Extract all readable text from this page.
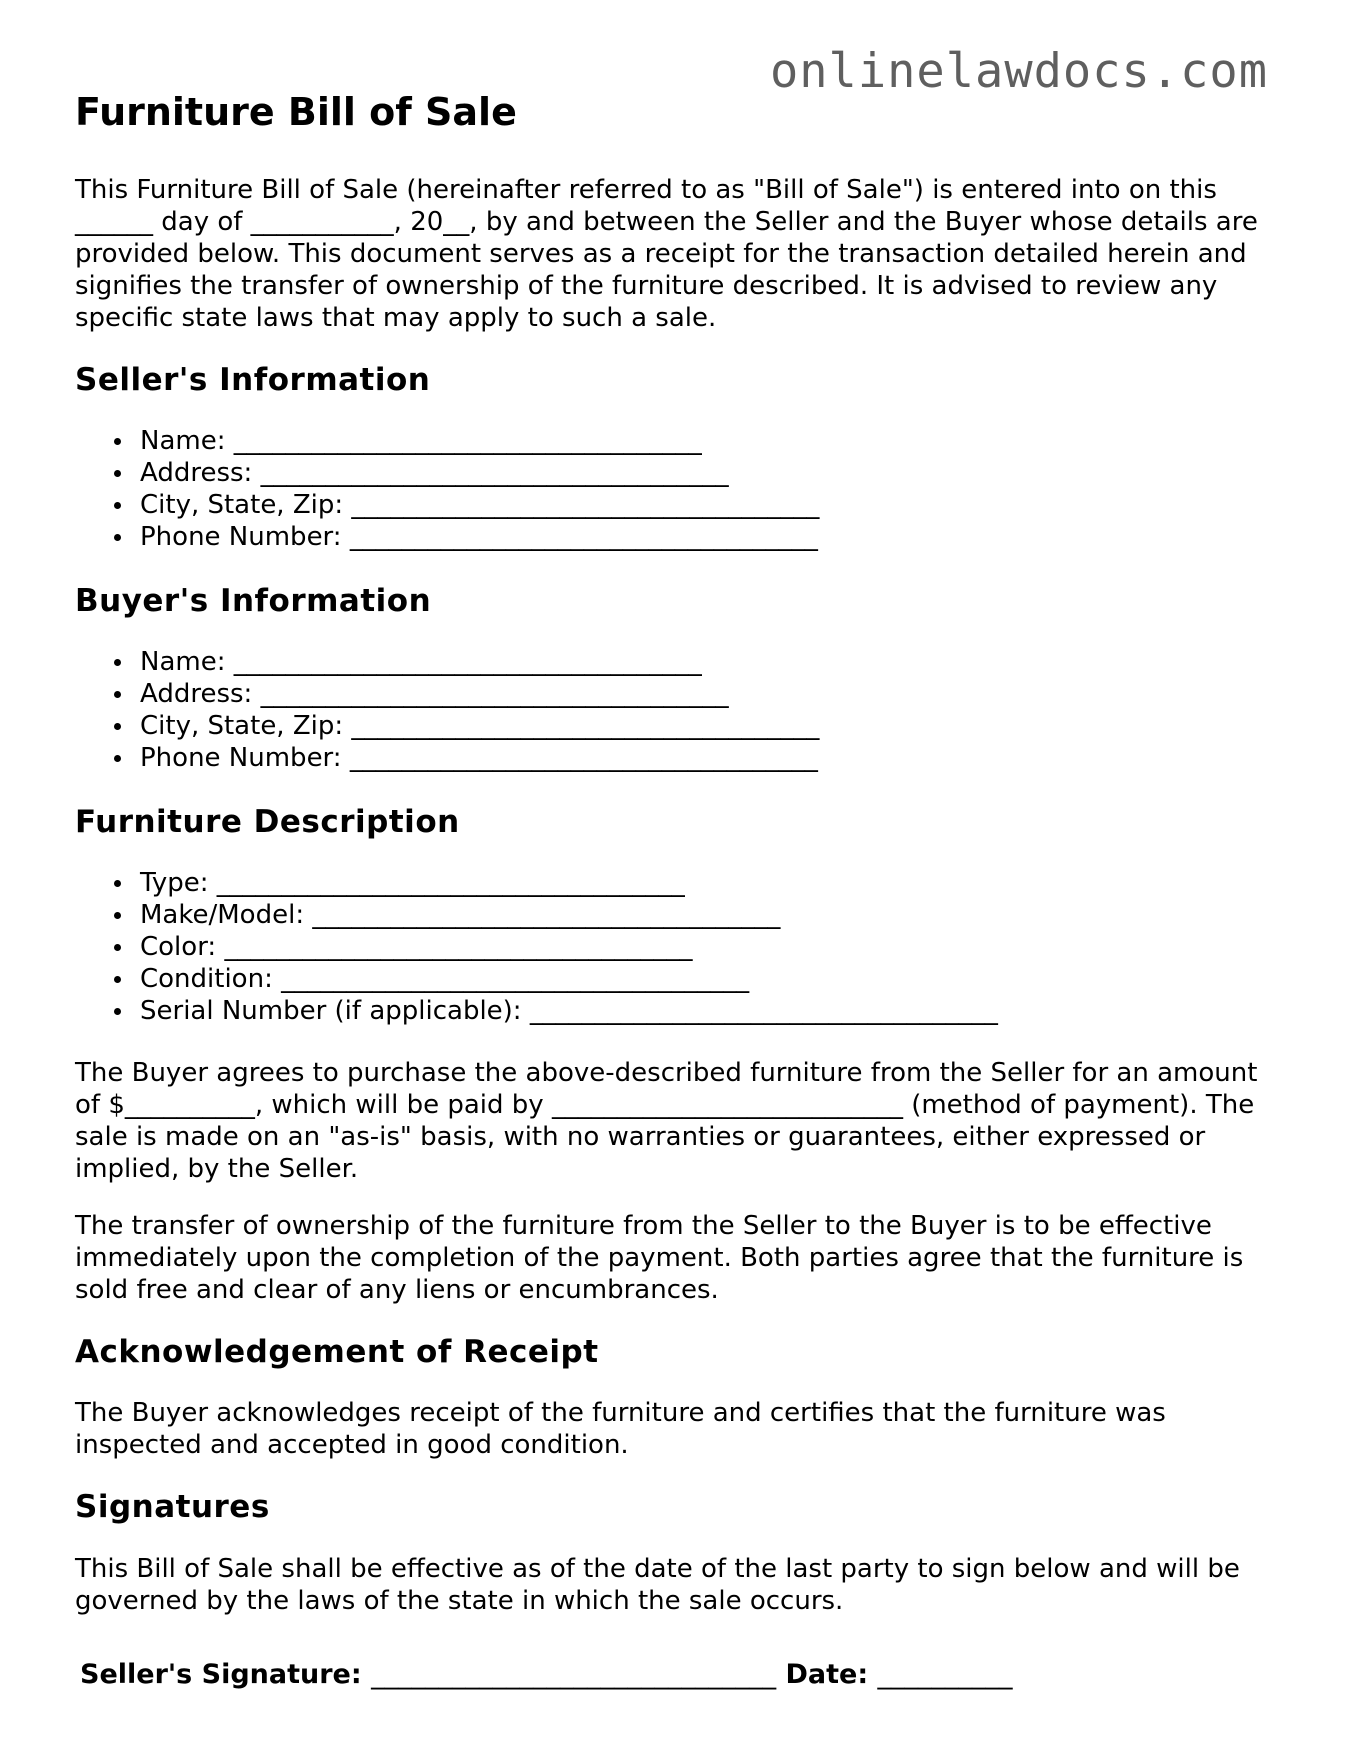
onlinelawdocs.com
Furniture Bill of Sale

This Furniture Bill of Sale (hereinafter referred to as "Bill of Sale") is entered into on this ______ day of ___________, 20__, by and between the Seller and the Buyer whose details are provided below. This document serves as a receipt for the transaction detailed herein and signifies the transfer of ownership of the furniture described. It is advised to review any specific state laws that may apply to such a sale.

Seller's Information
Name: ____________________________________
Address: ____________________________________
City, State, Zip: ____________________________________
Phone Number: ____________________________________
Buyer's Information
Name: ____________________________________
Address: ____________________________________
City, State, Zip: ____________________________________
Phone Number: ____________________________________
Furniture Description
Type: ____________________________________
Make/Model: ____________________________________
Color: ____________________________________
Condition: ____________________________________
Serial Number (if applicable): ____________________________________

The Buyer agrees to purchase the above-described furniture from the Seller for an amount of $__________, which will be paid by ___________________________ (method of payment). The sale is made on an "as-is" basis, with no warranties or guarantees, either expressed or implied, by the Seller.

The transfer of ownership of the furniture from the Seller to the Buyer is to be effective immediately upon the completion of the payment. Both parties agree that the furniture is sold free and clear of any liens or encumbrances.

Acknowledgement of Receipt

The Buyer acknowledges receipt of the furniture and certifies that the furniture was inspected and accepted in good condition.

Signatures

This Bill of Sale shall be effective as of the date of the last party to sign below and will be governed by the laws of the state in which the sale occurs.

Seller's Signature: ______________________________ Date: __________
